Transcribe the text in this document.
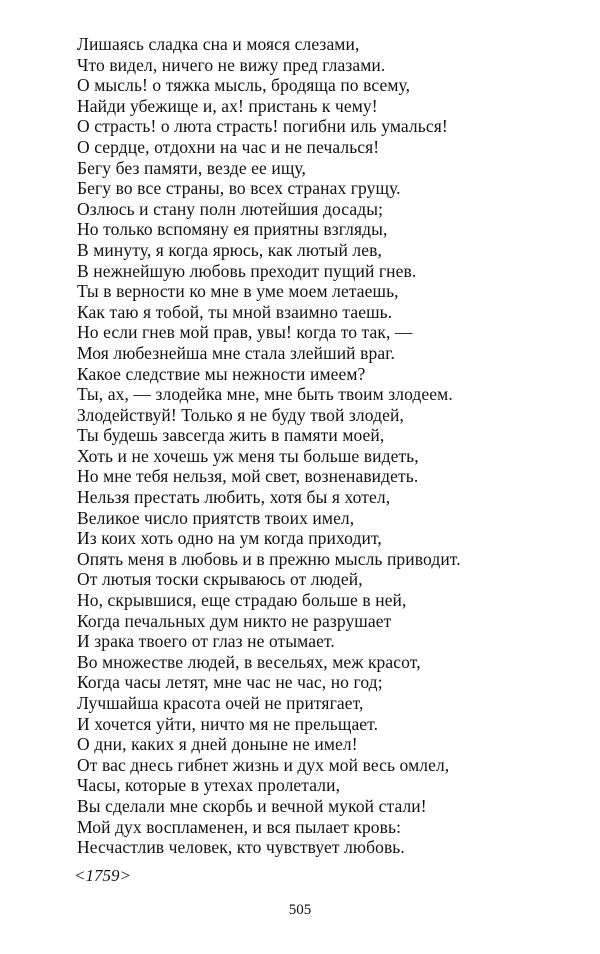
Лишаясь сладка сна и мояся слезами,
Что видел, ничего не вижу пред глазами.
О мысль! о тяжка мысль, бродяща по всему,
Найди убежище и, ах! пристань к чему!
О страсть! о люта страсть! погибни иль умалься!
О сердце, отдохни на час и не печалься!
Бегу без памяти, везде ее ищу,
Бегу во все страны, во всех странах грущу.
Озлюсь и стану полн лютейшия досады;
Но только вспомяну ея приятны взгляды,
В минуту, я когда ярюсь, как лютый лев,
В нежнейшую любовь преходит пущий гнев.
Ты в верности ко мне в уме моем летаешь,
Как таю я тобой, ты мной взаимно таешь.
Но если гнев мой прав, увы! когда то так, —
Моя любезнейша мне стала злейший враг.
Какое следствие мы нежности имеем?
Ты, ах, — злодейка мне, мне быть твоим злодеем.
Злодействуй! Только я не буду твой злодей,
Ты будешь завсегда жить в памяти моей,
Хоть и не хочешь уж меня ты больше видеть,
Но мне тебя нельзя, мой свет, возненавидеть.
Нельзя престать любить, хотя бы я хотел,
Великое число приятств твоих имел,
Из коих хоть одно на ум когда приходит,
Опять меня в любовь и в прежню мысль приводит.
От лютыя тоски скрываюсь от людей,
Но, скрывшися, еще страдаю больше в ней,
Когда печальных дум никто не разрушает
И зрака твоего от глаз не отымает.
Во множестве людей, в весельях, меж красот,
Когда часы летят, мне час не час, но год;
Лучшайша красота очей не притягает,
И хочется уйти, ничто мя не прельщает.
О дни, каких я дней доныне не имел!
От вас днесь гибнет жизнь и дух мой весь омлел,
Часы, которые в утехах пролетали,
Вы сделали мне скорбь и вечной мукой стали!
Мой дух воспламенен, и вся пылает кровь:
Несчастлив человек, кто чувствует любовь.
<1759>
505
